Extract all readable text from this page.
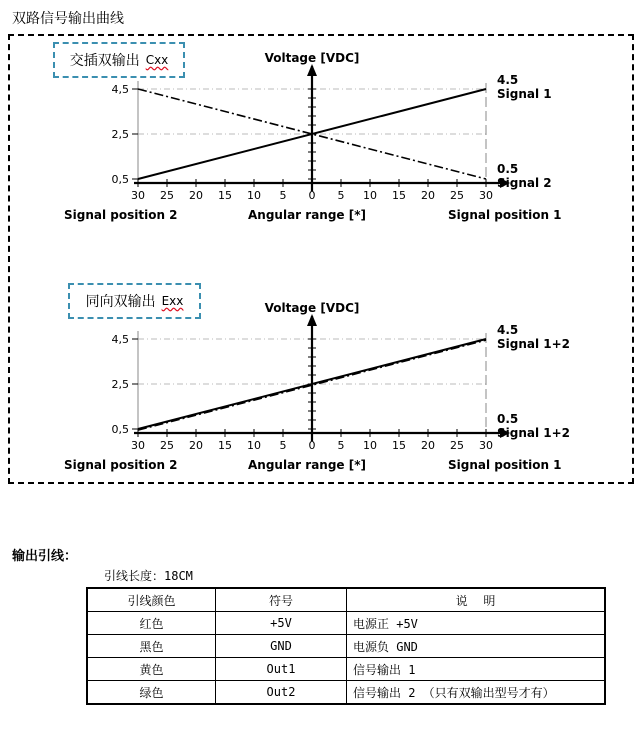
双路信号输出曲线
0,5
2,5
4,5
30 25 20 15 10 5 0 5 10 15 20 25 30
Voltage [VDC]
Angular range [*]
Signal position 2	Signal position 1
4.5
Signal 1
0.5
Signal 2
0,5
2,5
4,5
30 25 20 15 10 5 0 5 10 15 20 25 30
Voltage [VDC]
Angular range [*]
Signal position 2	Signal position 1
4.5
Signal 1+2
0.5
Signal 1+2
交插双输出 Cxx
同向双输出 Exx
输出引线：
引线长度：18CM
引线颜色	符号	说　 明
红色	+5V	电源正 +5V
黑色	GND	电源负 GND
黄色	Out1	信号输出 1
绿色	Out2	信号输出 2 （只有双输出型号才有）
